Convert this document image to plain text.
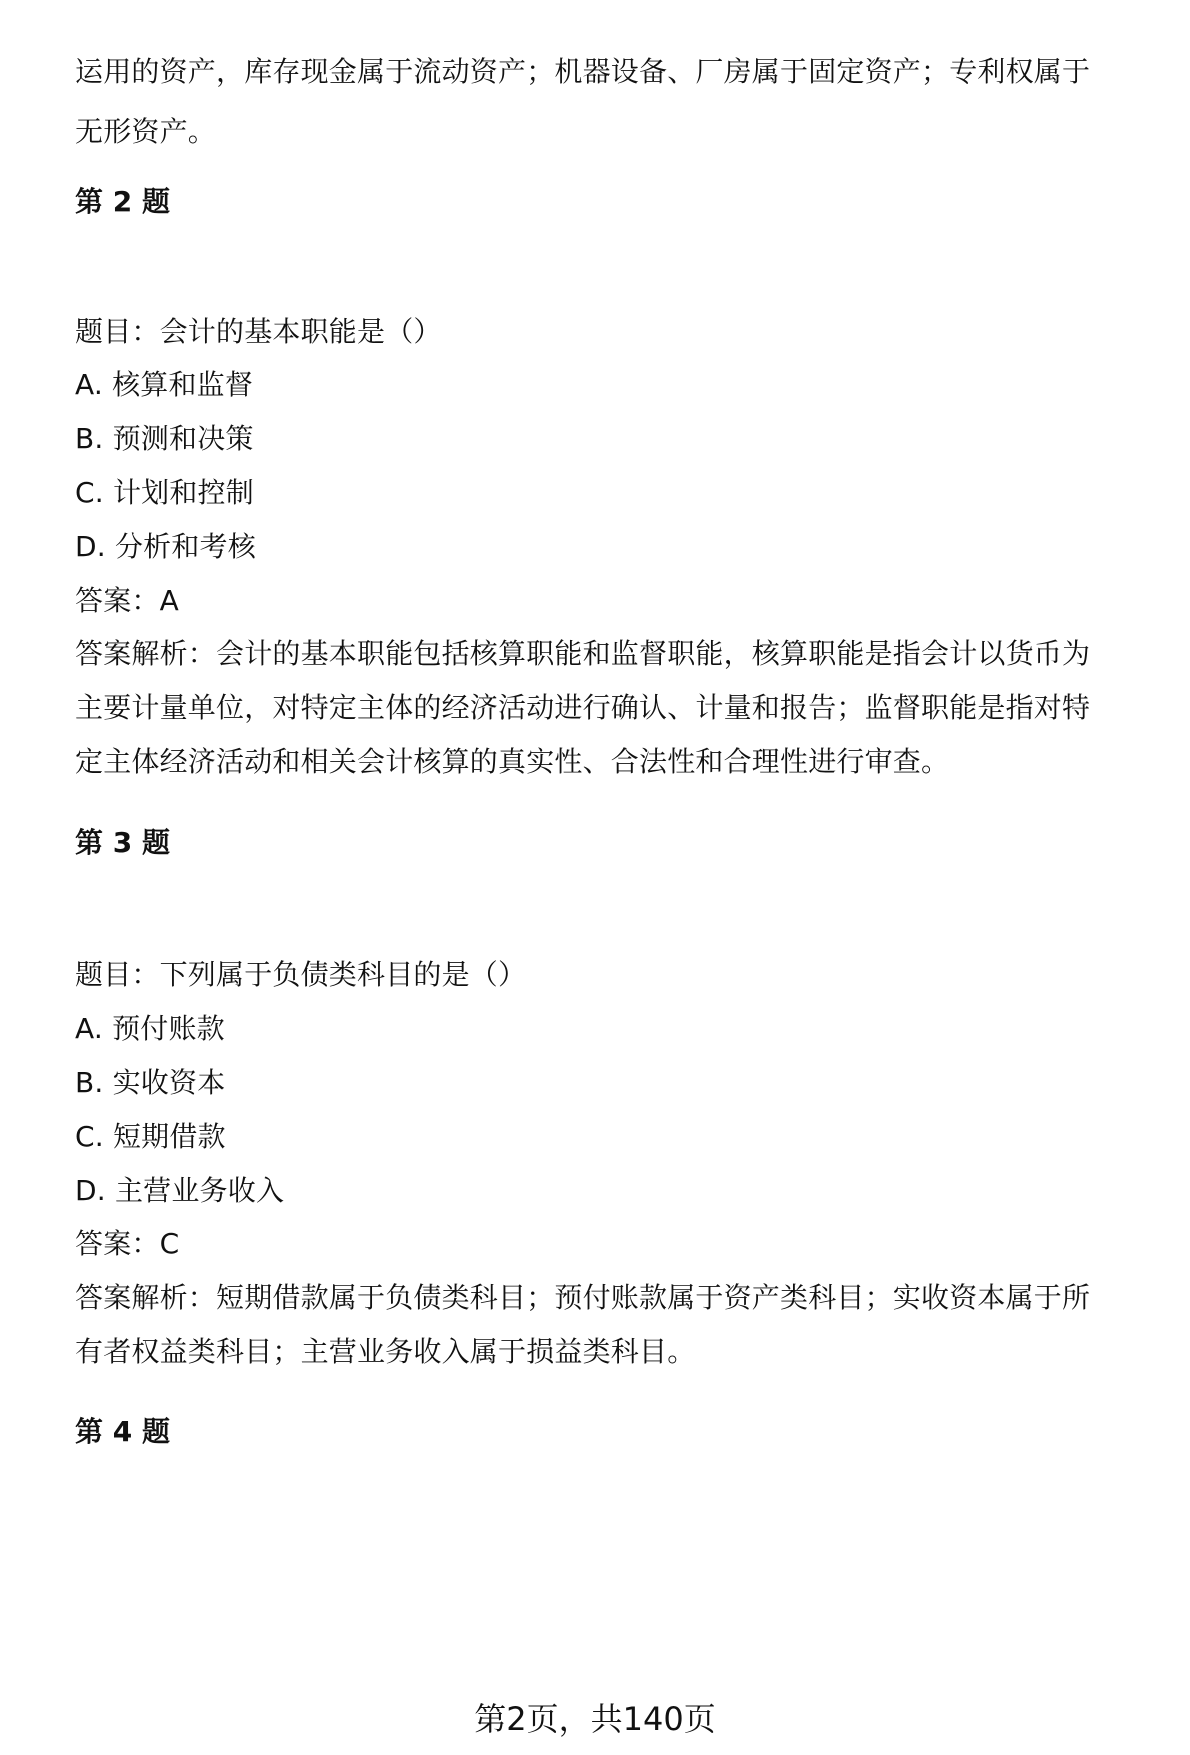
运用的资产，库存现金属于流动资产；机器设备、厂房属于固定资产；专利权属于
无形资产。
第 2 题
题目：会计的基本职能是（）
A. 核算和监督
B. 预测和决策
C. 计划和控制
D. 分析和考核
答案：A
答案解析：会计的基本职能包括核算职能和监督职能，核算职能是指会计以货币为
主要计量单位，对特定主体的经济活动进行确认、计量和报告；监督职能是指对特
定主体经济活动和相关会计核算的真实性、合法性和合理性进行审查。
第 3 题
题目：下列属于负债类科目的是（）
A. 预付账款
B. 实收资本
C. 短期借款
D. 主营业务收入
答案：C
答案解析：短期借款属于负债类科目；预付账款属于资产类科目；实收资本属于所
有者权益类科目；主营业务收入属于损益类科目。
第 4 题
第2页，共140页
